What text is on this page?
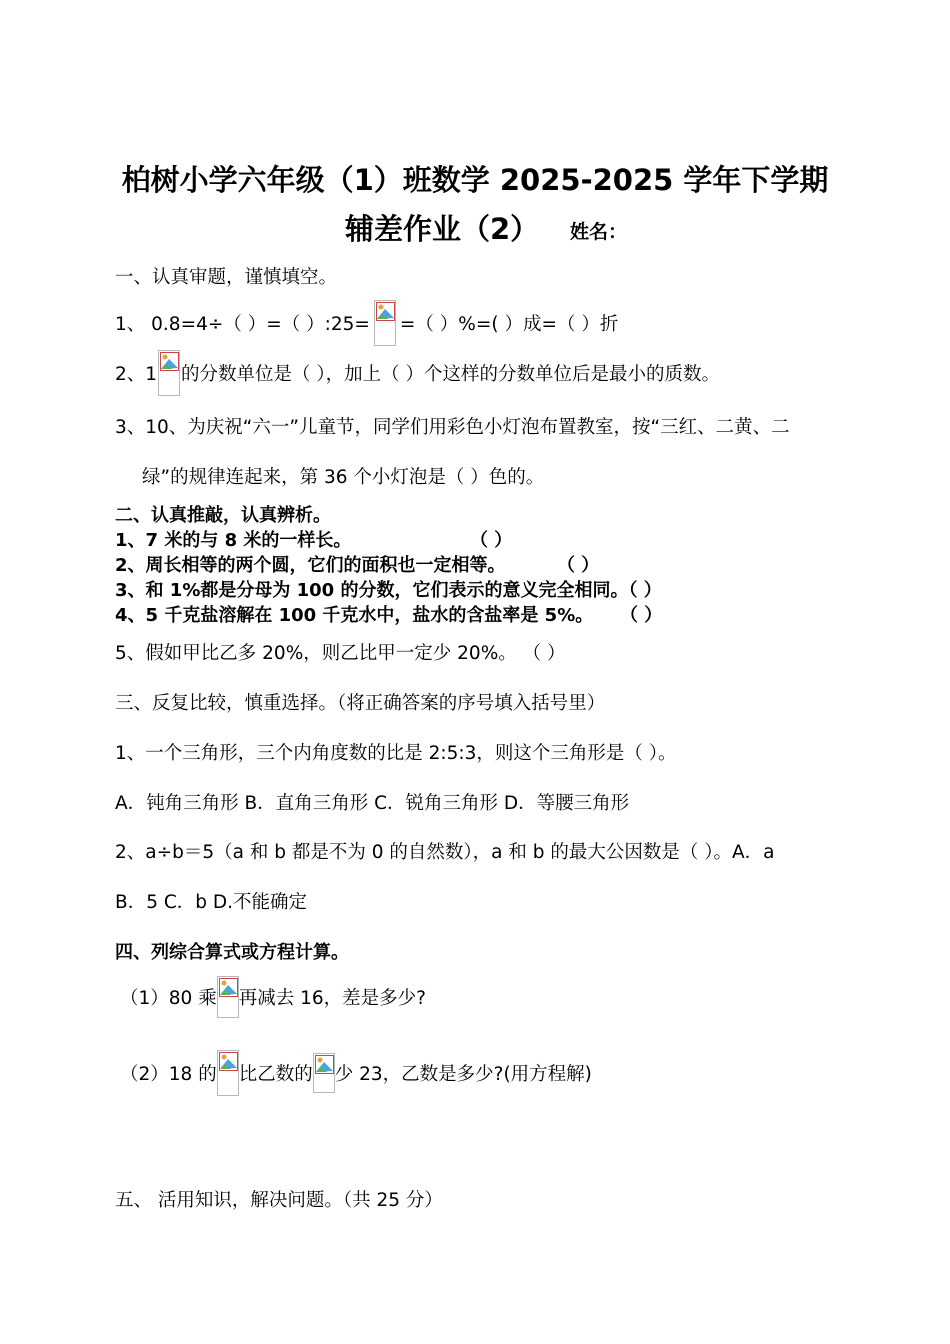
柏树小学六年级（1）班数学 2025-2025 学年下学期
辅差作业（2） 姓名：
一、认真审题，谨慎填空。
1、 0.8=4÷（ ）=（ ）:25= =（ ）%=( ）成=（ ）折
2、1 的分数单位是（ ），加上（ ）个这样的分数单位后是最小的质数。
3、10、为庆祝“六一”儿童节，同学们用彩色小灯泡布置教室，按“三红、二黄、二
绿”的规律连起来，第 36 个小灯泡是（ ）色的。
二、认真推敲，认真辨析。
1、7 米的与 8 米的一样长。	（ ）
2、周长相等的两个圆，它们的面积也一定相等。	（ ）
3、和 1%都是分母为 100 的分数，它们表示的意义完全相同。（ ）
4、5 千克盐溶解在 100 千克水中，盐水的含盐率是 5%。 （ ）
5、假如甲比乙多 20%，则乙比甲一定少 20%。 （ ）
三、反复比较，慎重选择。（将正确答案的序号填入括号里）
1、一个三角形，三个内角度数的比是 2:5:3，则这个三角形是（ ）。
A．钝角三角形 B．直角三角形 C．锐角三角形 D．等腰三角形
2、a÷b＝5（a 和 b 都是不为 0 的自然数），a 和 b 的最大公因数是（ ）。A．a
B．5 C．b D.不能确定
四、列综合算式或方程计算。
（1）80 乘 再减去 16，差是多少?
（2）18 的 比乙数的 少 23，乙数是多少?(用方程解)
五、 活用知识，解决问题。（共 25 分）
